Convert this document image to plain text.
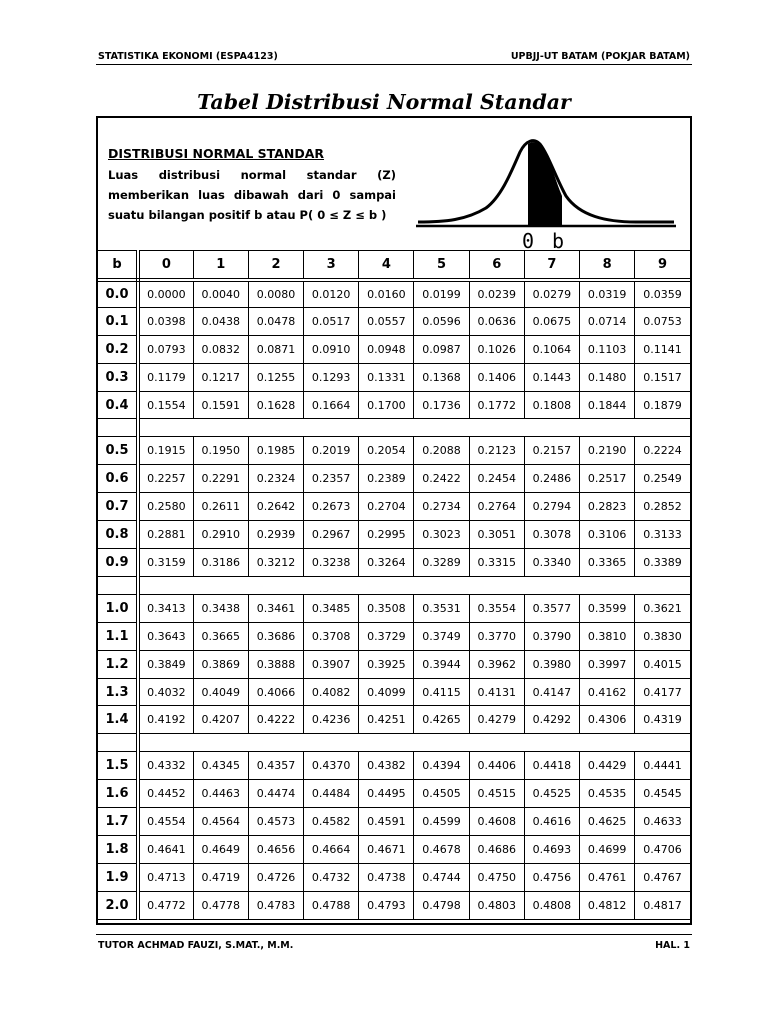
STATISTIKA EKONOMI (ESPA4123)	UPBJJ-UT BATAM (POKJAR BATAM)
Tabel Distribusi Normal Standar
DISTRIBUSI NORMAL STANDAR
Luas distribusi normal standar (Z) memberikan luas dibawah dari 0 sampai suatu bilangan positif b atau P( 0 ≤ Z ≤ b )
0 b
b	0	1	2	3	4	5	6	7	8	9
0.0	0.0000	0.0040	0.0080	0.0120	0.0160	0.0199	0.0239	0.0279	0.0319	0.0359
0.1	0.0398	0.0438	0.0478	0.0517	0.0557	0.0596	0.0636	0.0675	0.0714	0.0753
0.2	0.0793	0.0832	0.0871	0.0910	0.0948	0.0987	0.1026	0.1064	0.1103	0.1141
0.3	0.1179	0.1217	0.1255	0.1293	0.1331	0.1368	0.1406	0.1443	0.1480	0.1517
0.4	0.1554	0.1591	0.1628	0.1664	0.1700	0.1736	0.1772	0.1808	0.1844	0.1879

0.5	0.1915	0.1950	0.1985	0.2019	0.2054	0.2088	0.2123	0.2157	0.2190	0.2224
0.6	0.2257	0.2291	0.2324	0.2357	0.2389	0.2422	0.2454	0.2486	0.2517	0.2549
0.7	0.2580	0.2611	0.2642	0.2673	0.2704	0.2734	0.2764	0.2794	0.2823	0.2852
0.8	0.2881	0.2910	0.2939	0.2967	0.2995	0.3023	0.3051	0.3078	0.3106	0.3133
0.9	0.3159	0.3186	0.3212	0.3238	0.3264	0.3289	0.3315	0.3340	0.3365	0.3389

1.0	0.3413	0.3438	0.3461	0.3485	0.3508	0.3531	0.3554	0.3577	0.3599	0.3621
1.1	0.3643	0.3665	0.3686	0.3708	0.3729	0.3749	0.3770	0.3790	0.3810	0.3830
1.2	0.3849	0.3869	0.3888	0.3907	0.3925	0.3944	0.3962	0.3980	0.3997	0.4015
1.3	0.4032	0.4049	0.4066	0.4082	0.4099	0.4115	0.4131	0.4147	0.4162	0.4177
1.4	0.4192	0.4207	0.4222	0.4236	0.4251	0.4265	0.4279	0.4292	0.4306	0.4319

1.5	0.4332	0.4345	0.4357	0.4370	0.4382	0.4394	0.4406	0.4418	0.4429	0.4441
1.6	0.4452	0.4463	0.4474	0.4484	0.4495	0.4505	0.4515	0.4525	0.4535	0.4545
1.7	0.4554	0.4564	0.4573	0.4582	0.4591	0.4599	0.4608	0.4616	0.4625	0.4633
1.8	0.4641	0.4649	0.4656	0.4664	0.4671	0.4678	0.4686	0.4693	0.4699	0.4706
1.9	0.4713	0.4719	0.4726	0.4732	0.4738	0.4744	0.4750	0.4756	0.4761	0.4767
2.0	0.4772	0.4778	0.4783	0.4788	0.4793	0.4798	0.4803	0.4808	0.4812	0.4817
TUTOR ACHMAD FAUZI, S.MAT., M.M.	HAL. 1
